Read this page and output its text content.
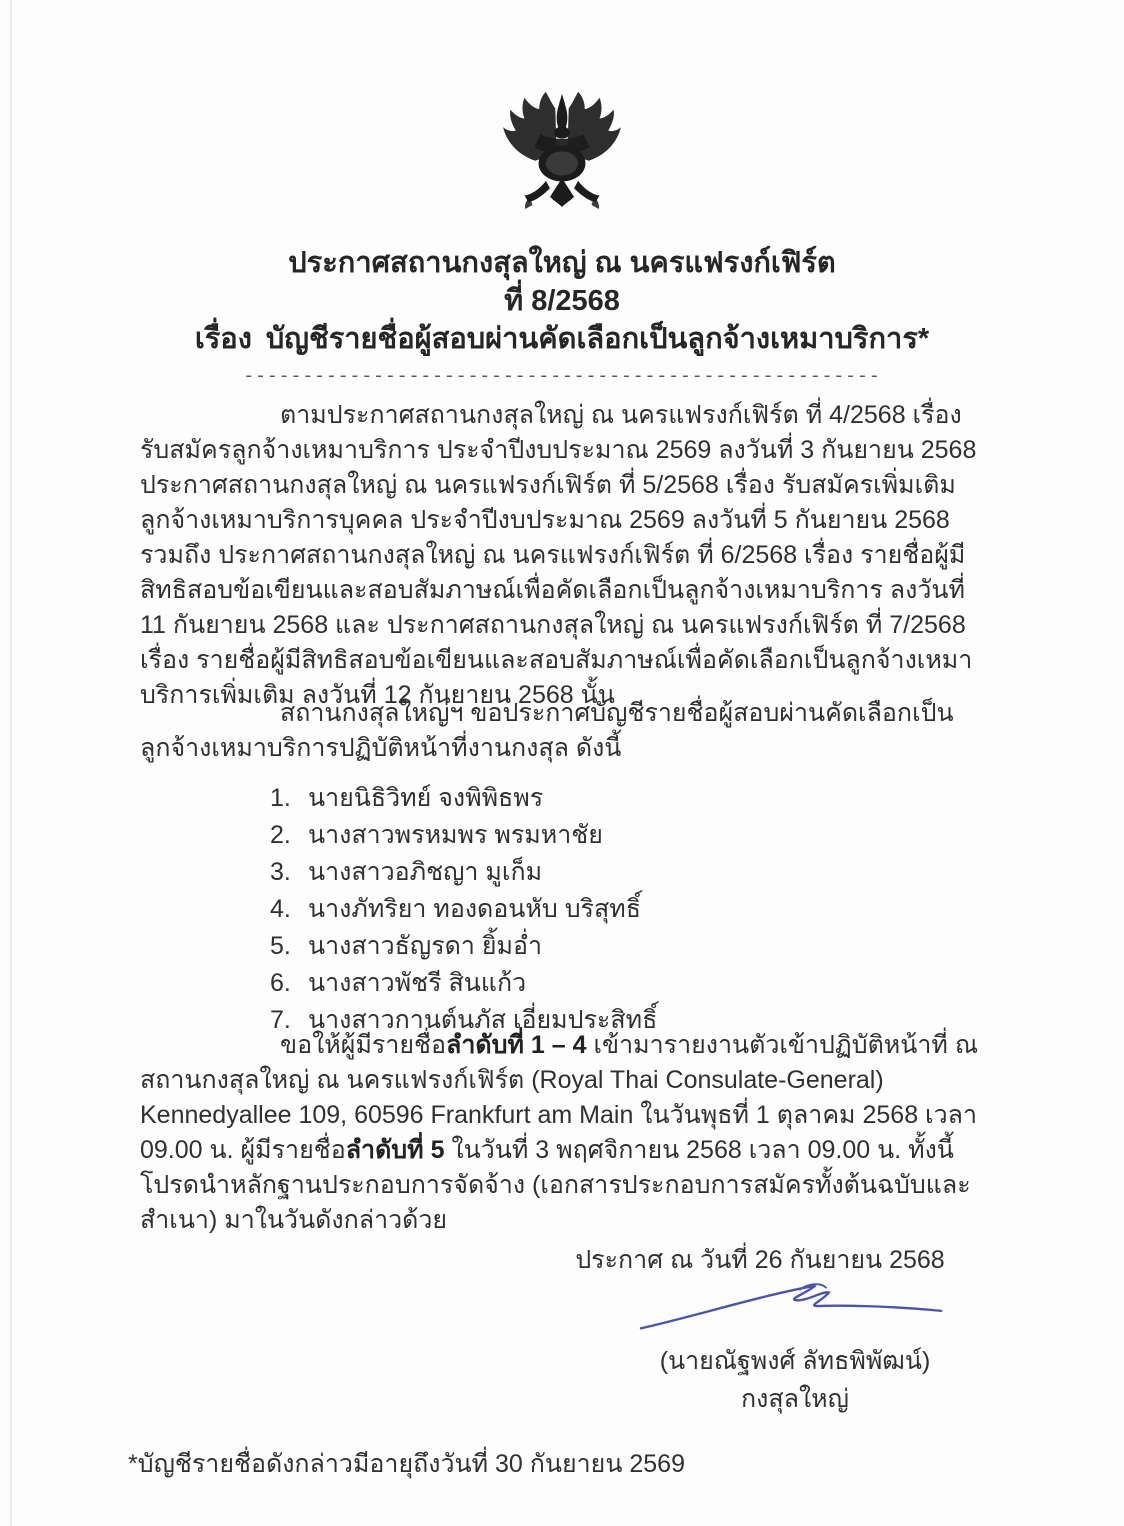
ประกาศสถานกงสุลใหญ่ ณ นครแฟรงก์เฟิร์ต
ที่ 8/2568
เรื่อง บัญชีรายชื่อผู้สอบผ่านคัดเลือกเป็นลูกจ้างเหมาบริการ*
------------------------------------------------------
ตามประกาศสถานกงสุลใหญ่ ณ นครแฟรงก์เฟิร์ต ที่ 4/2568 เรื่อง รับสมัครลูกจ้างเหมาบริการ ประจำปีงบประมาณ 2569 ลงวันที่ 3 กันยายน 2568 ประกาศสถานกงสุลใหญ่ ณ นครแฟรงก์เฟิร์ต ที่ 5/2568 เรื่อง รับสมัครเพิ่มเติมลูกจ้างเหมาบริการบุคคล ประจำปีงบประมาณ 2569 ลงวันที่ 5 กันยายน 2568 รวมถึง ประกาศสถานกงสุลใหญ่ ณ นครแฟรงก์เฟิร์ต ที่ 6/2568 เรื่อง รายชื่อผู้มีสิทธิสอบข้อเขียนและสอบสัมภาษณ์เพื่อคัดเลือกเป็นลูกจ้างเหมาบริการ ลงวันที่ 11 กันยายน 2568 และ ประกาศสถานกงสุลใหญ่ ณ นครแฟรงก์เฟิร์ต ที่ 7/2568 เรื่อง รายชื่อผู้มีสิทธิสอบข้อเขียนและสอบสัมภาษณ์เพื่อคัดเลือกเป็นลูกจ้างเหมาบริการเพิ่มเติม ลงวันที่ 12 กันยายน 2568 นั้น
สถานกงสุลใหญ่ฯ ขอประกาศบัญชีรายชื่อผู้สอบผ่านคัดเลือกเป็นลูกจ้างเหมาบริการปฏิบัติหน้าที่งานกงสุล ดังนี้
1. นายนิธิวิทย์ จงพิพิธพร
2. นางสาวพรหมพร พรมหาชัย
3. นางสาวอภิชญา มูเก็ม
4. นางภัทริยา ทองดอนหับ บริสุทธิ์
5. นางสาวธัญรดา ยิ้มอ่ำ
6. นางสาวพัชรี สินแก้ว
7. นางสาวกานต์นภัส เอี่ยมประสิทธิ์
ขอให้ผู้มีรายชื่อลำดับที่ 1 – 4 เข้ามารายงานตัวเข้าปฏิบัติหน้าที่ ณ สถานกงสุลใหญ่ ณ นครแฟรงก์เฟิร์ต (Royal Thai Consulate-General) Kennedyallee 109, 60596 Frankfurt am Main ในวันพุธที่ 1 ตุลาคม 2568 เวลา 09.00 น. ผู้มีรายชื่อลำดับที่ 5 ในวันที่ 3 พฤศจิกายน 2568 เวลา 09.00 น. ทั้งนี้ โปรดนำหลักฐานประกอบการจัดจ้าง (เอกสารประกอบการสมัครทั้งต้นฉบับและสำเนา) มาในวันดังกล่าวด้วย
ประกาศ ณ วันที่ 26 กันยายน 2568
(นายณัฐพงศ์ ลัทธพิพัฒน์)
กงสุลใหญ่
*บัญชีรายชื่อดังกล่าวมีอายุถึงวันที่ 30 กันยายน 2569
